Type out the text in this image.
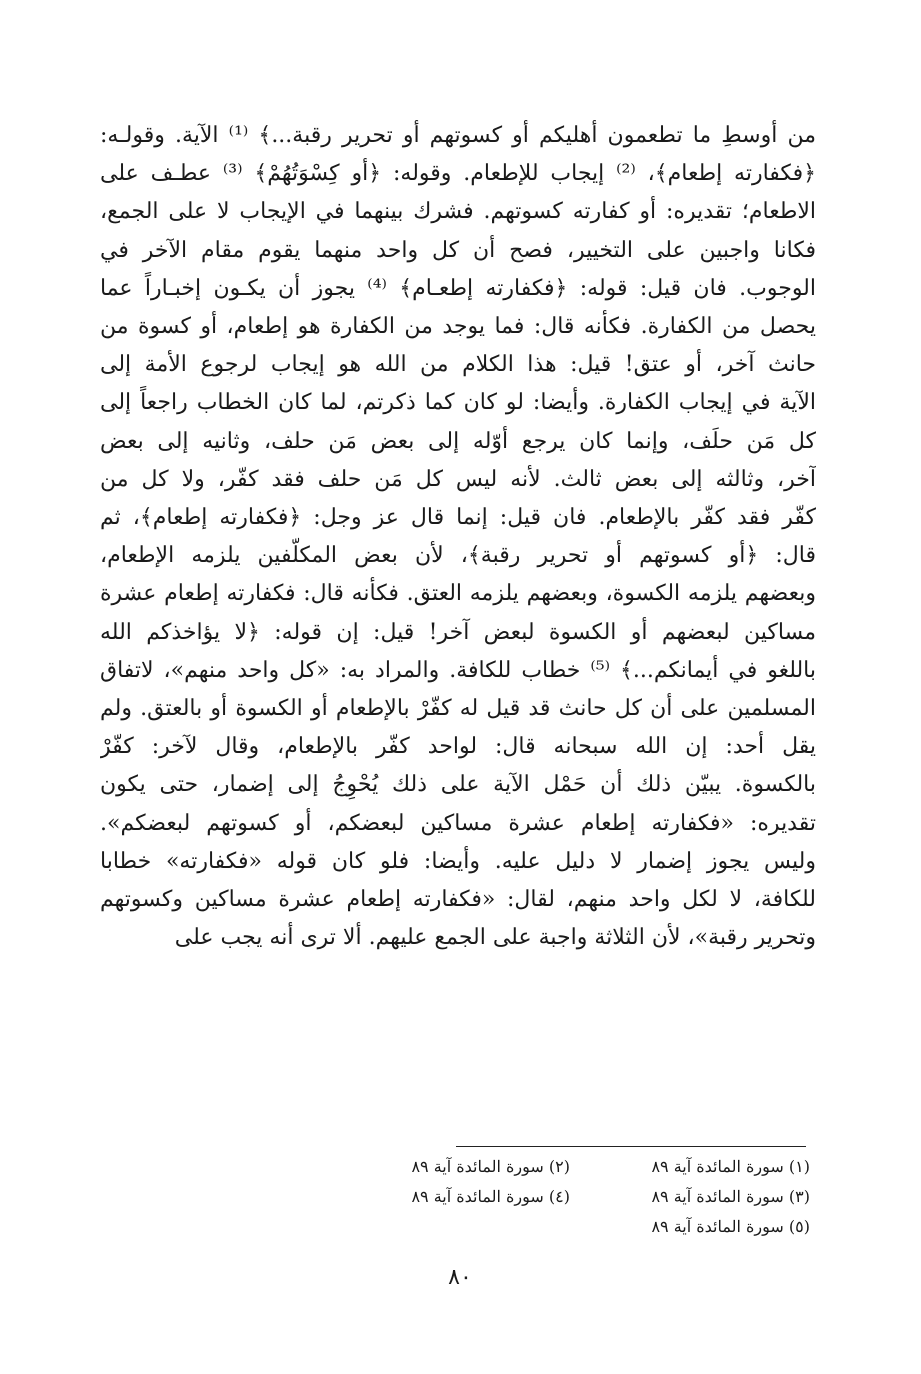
من أوسطِ ما تطعمون أهليكم أو كسوتهم أو تحرير رقبة...﴾ ⁽¹⁾ الآية. وقولـه:
﴿فكفارته إطعام﴾، ⁽²⁾ إيجاب للإطعام. وقوله: ﴿أو كِسْوَتُهُمْ﴾ ⁽³⁾ عطـف على
الاطعام؛ تقديره: أو كفارته كسوتهم. فشرك بينهما في الإيجاب لا على الجمع،
فكانا واجبين على التخيير، فصح أن كل واحد منهما يقوم مقام الآخر في
الوجوب. فان قيل: قوله: ﴿فكفارته إطعـام﴾ ⁽⁴⁾ يجوز أن يكـون إخبـاراً عما
يحصل من الكفارة. فكأنه قال: فما يوجد من الكفارة هو إطعام، أو كسوة من
حانث آخر، أو عتق! قيل: هذا الكلام من الله هو إيجاب لرجوع الأمة إلى
الآية في إيجاب الكفارة. وأيضا: لو كان كما ذكرتم، لما كان الخطاب راجعاً إلى
كل مَن حلَف، وإنما كان يرجع أوّله إلى بعض مَن حلف، وثانيه إلى بعض
آخر، وثالثه إلى بعض ثالث. لأنه ليس كل مَن حلف فقد كفّر، ولا كل من
كفّر فقد كفّر بالإطعام. فان قيل: إنما قال عز وجل: ﴿فكفارته إطعام﴾، ثم
قال: ﴿أو كسوتهم أو تحرير رقبة﴾، لأن بعض المكلّفين يلزمه الإطعام،
وبعضهم يلزمه الكسوة، وبعضهم يلزمه العتق. فكأنه قال: فكفارته إطعام عشرة
مساكين لبعضهم أو الكسوة لبعض آخر! قيل: إن قوله: ﴿لا يؤاخذكم الله
باللغو في أيمانكم...﴾ ⁽⁵⁾ خطاب للكافة. والمراد به: «كل واحد منهم»، لاتفاق
المسلمين على أن كل حانث قد قيل له كفّرْ بالإطعام أو الكسوة أو بالعتق. ولم
يقل أحد: إن الله سبحانه قال: لواحد كفّر بالإطعام، وقال لآخر: كفّرْ
بالكسوة. يبيّن ذلك أن حَمْل الآية على ذلك يُحْوِجُ إلى إضمار، حتى يكون
تقديره: «فكفارته إطعام عشرة مساكين لبعضكم، أو كسوتهم لبعضكم».
وليس يجوز إضمار لا دليل عليه. وأيضا: فلو كان قوله «فكفارته» خطابا
للكافة، لا لكل واحد منهم، لقال: «فكفارته إطعام عشرة مساكين وكسوتهم
وتحرير رقبة»، لأن الثلاثة واجبة على الجمع عليهم. ألا ترى أنه يجب على
(١) سورة المائدة آية ٨٩
(٢) سورة المائدة آية ٨٩
(٣) سورة المائدة آية ٨٩
(٤) سورة المائدة آية ٨٩
(٥) سورة المائدة آية ٨٩
٨٠
